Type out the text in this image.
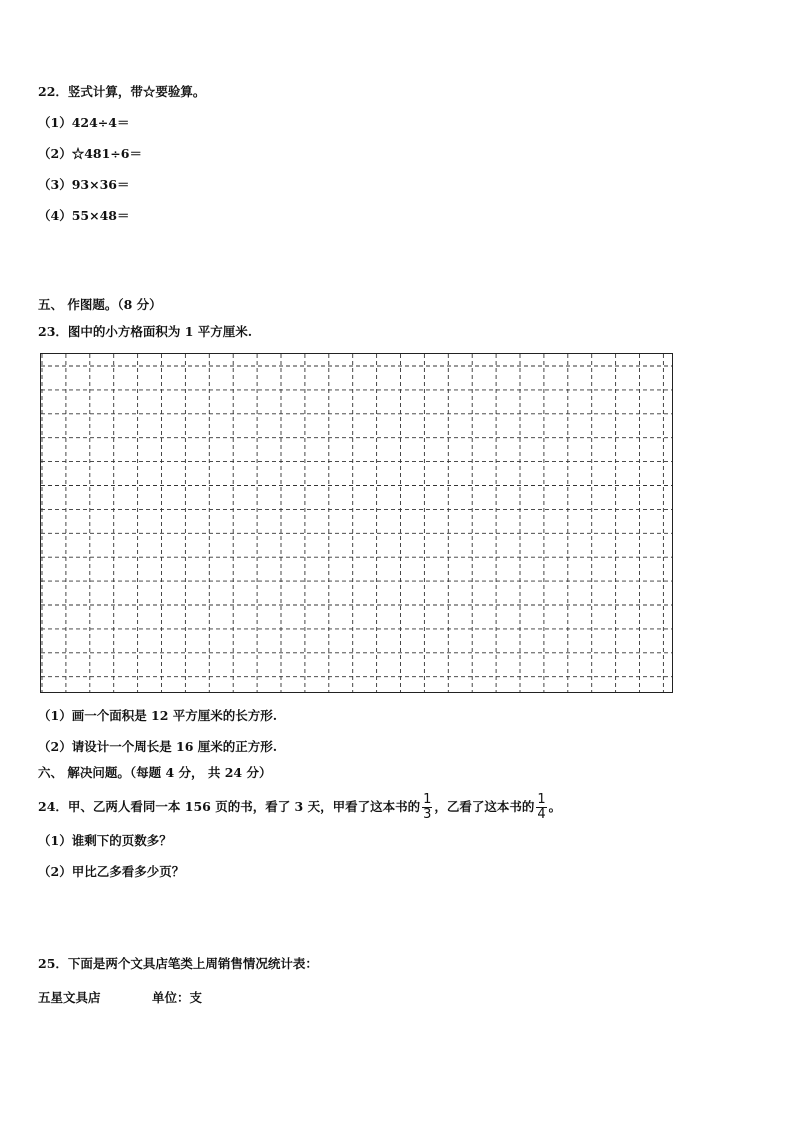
22．竖式计算，带☆要验算。
（1）424÷4＝
（2）☆481÷6＝
（3）93×36＝
（4）55×48＝
五、 作图题。（8 分）
23．图中的小方格面积为 1 平方厘米.
（1）画一个面积是 12 平方厘米的长方形.
（2）请设计一个周长是 16 厘米的正方形.
六、 解决问题。（每题 4 分， 共 24 分）
24．甲、乙两人看同一本 156 页的书，看了 3 天，甲看了这本书的 $\frac{1}{3}$ ，乙看了这本书的 $\frac{1}{4}$ 。
（1）谁剩下的页数多？
（2）甲比乙多看多少页？
25．下面是两个文具店笔类上周销售情况统计表：
五星文具店	单位：支
